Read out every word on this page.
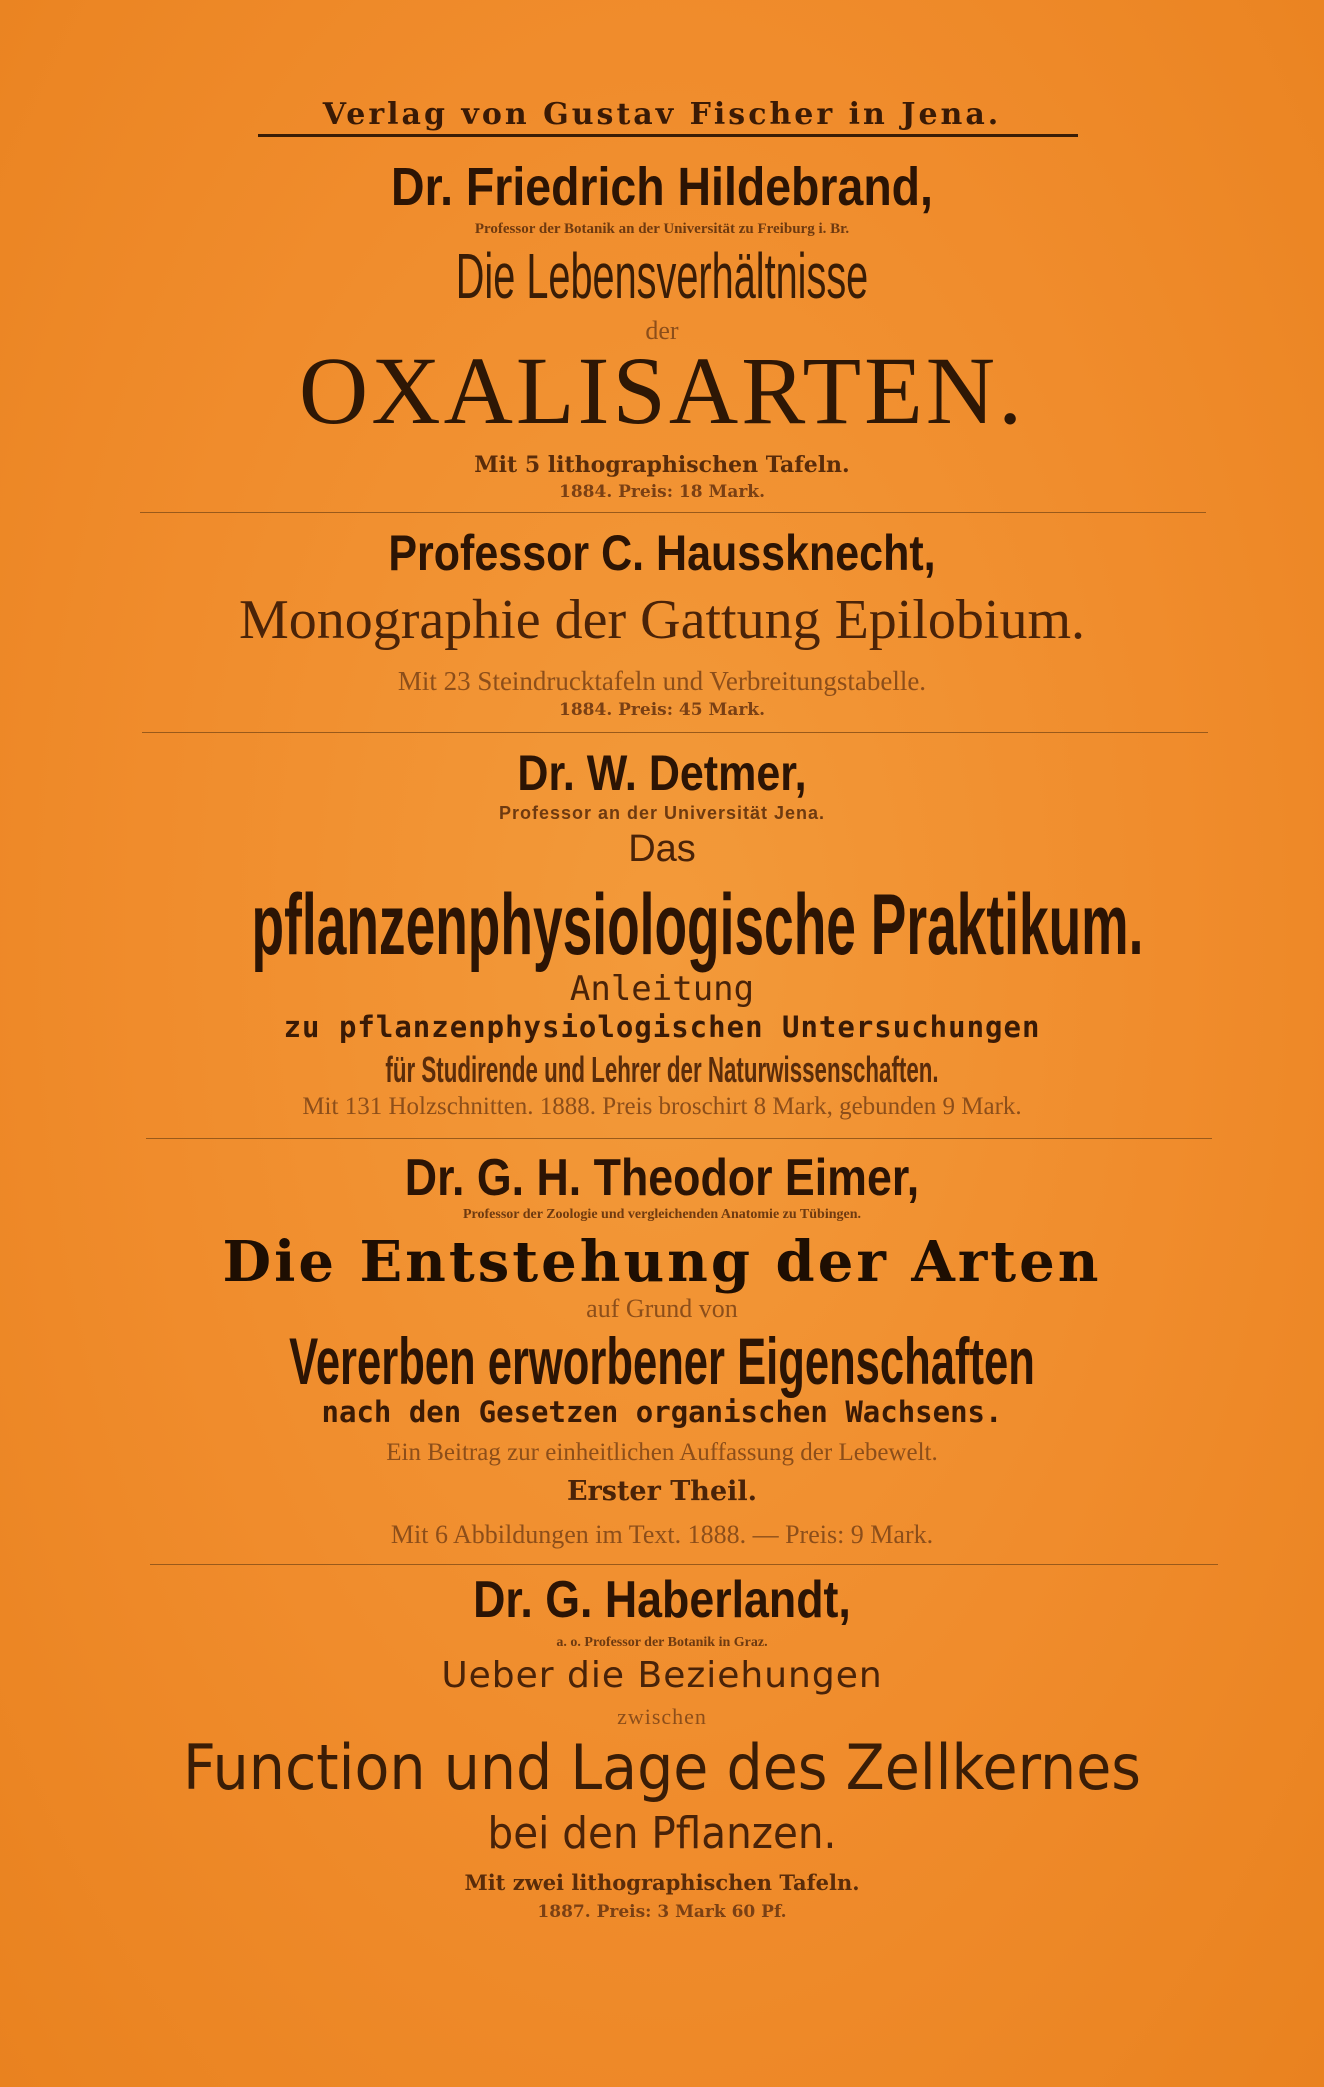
Verlag von Gustav Fischer in Jena.
Dr. Friedrich Hildebrand,
Professor der Botanik an der Universität zu Freiburg i. Br.
Die Lebensverhältnisse
der
OXALISARTEN.
Mit 5 lithographischen Tafeln.
1884. Preis: 18 Mark.
Professor C. Haussknecht,
Monographie der Gattung Epilobium.
Mit 23 Steindrucktafeln und Verbreitungstabelle.
1884. Preis: 45 Mark.
Dr. W. Detmer,
Professor an der Universität Jena.
Das
pflanzenphysiologische Praktikum.
Anleitung
zu pflanzenphysiologischen Untersuchungen
für Studirende und Lehrer der Naturwissenschaften.
Mit 131 Holzschnitten. 1888. Preis broschirt 8 Mark, gebunden 9 Mark.
Dr. G. H. Theodor Eimer,
Professor der Zoologie und vergleichenden Anatomie zu Tübingen.
Die Entstehung der Arten
auf Grund von
Vererben erworbener Eigenschaften
nach den Gesetzen organischen Wachsens.
Ein Beitrag zur einheitlichen Auffassung der Lebewelt.
Erster Theil.
Mit 6 Abbildungen im Text. 1888. — Preis: 9 Mark.
Dr. G. Haberlandt,
a. o. Professor der Botanik in Graz.
Ueber die Beziehungen
zwischen
Function und Lage des Zellkernes
bei den Pflanzen.
Mit zwei lithographischen Tafeln.
1887. Preis: 3 Mark 60 Pf.
